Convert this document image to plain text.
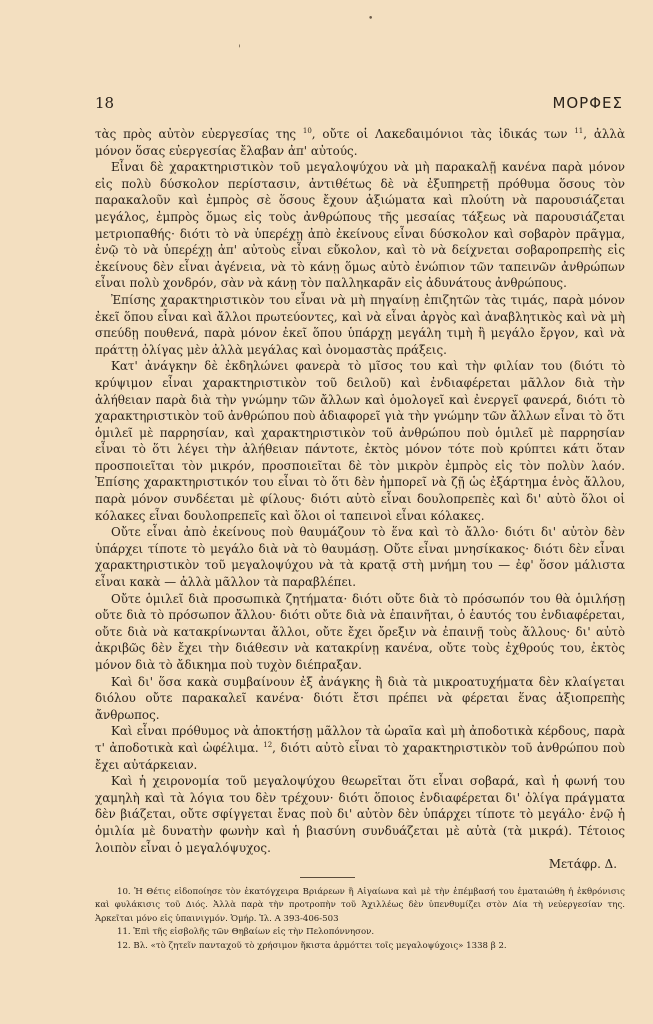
•
'
18	ΜΟΡΦΕΣ

τὰς πρὸς αὐτὸν εὐεργεσίας της $^{10}$, οὔτε οἱ Λακεδαιμόνιοι τὰς ἰδικάς των $^{11}$, ἀλλὰ μόνον ὅσας εὐεργεσίας ἔλαβαν ἀπ' αὐτούς.

Εἶναι δὲ χαρακτηριστικὸν τοῦ μεγαλοψύχου νὰ μὴ παρακαλῇ κανένα παρὰ μόνον εἰς πολὺ δύσκολον περίστασιν, ἀντιθέτως δὲ νὰ ἐξυπηρετῇ πρόθυμα ὅσους τὸν παρακαλοῦν καὶ ἐμπρὸς σὲ ὅσους ἔχουν ἀξιώματα καὶ πλούτη νὰ παρουσιάζεται μεγάλος, ἐμπρὸς ὅμως εἰς τοὺς ἀνθρώπους τῆς μεσαίας τάξεως νὰ παρουσιάζεται μετριοπαθής· διότι τὸ νὰ ὑπερέχῃ ἀπὸ ἐκείνους εἶναι δύσκολον καὶ σοβαρὸν πρᾶγμα, ἐνῷ τὸ νὰ ὑπερέχῃ ἀπ' αὐτοὺς εἶναι εὔκολον, καὶ τὸ νὰ δείχνεται σοβαροπρεπὴς εἰς ἐκείνους δὲν εἶναι ἀγένεια, νὰ τὸ κάνῃ ὅμως αὐτὸ ἐνώπιον τῶν ταπεινῶν ἀνθρώπων εἶναι πολὺ χονδρόν, σὰν νὰ κάνῃ τὸν παλληκαρᾶν εἰς ἀδυνάτους ἀνθρώπους.

Ἐπίσης χαρακτηριστικὸν του εἶναι νὰ μὴ πηγαίνῃ ἐπιζητῶν τὰς τιμάς, παρὰ μόνον ἐκεῖ ὅπου εἶναι καὶ ἄλλοι πρωτεύοντες, καὶ νὰ εἶναι ἀργὸς καὶ ἀναβλητικὸς καὶ νὰ μὴ σπεύδῃ πουθενά, παρὰ μόνον ἐκεῖ ὅπου ὑπάρχῃ μεγάλη τιμὴ ἢ μεγάλο ἔργον, καὶ νὰ πράττῃ ὀλίγας μὲν ἀλλὰ μεγάλας καὶ ὀνομαστὰς πράξεις.

Κατ' ἀνάγκην δὲ ἐκδηλώνει φανερὰ τὸ μῖσος του καὶ τὴν φιλίαν του (διότι τὸ κρύψιμον εἶναι χαρακτηριστικὸν τοῦ δειλοῦ) καὶ ἐνδιαφέρεται μᾶλλον διὰ τὴν ἀλήθειαν παρὰ διὰ τὴν γνώμην τῶν ἄλλων καὶ ὁμολογεῖ καὶ ἐνεργεῖ φανερά, διότι τὸ χαρακτηριστικὸν τοῦ ἀνθρώπου ποὺ ἀδιαφορεῖ γιὰ τὴν γνώμην τῶν ἄλλων εἶναι τὸ ὅτι ὁμιλεῖ μὲ παρρησίαν, καὶ χαρακτηριστικὸν τοῦ ἀνθρώπου ποὺ ὁμιλεῖ μὲ παρρησίαν εἶναι τὸ ὅτι λέγει τὴν ἀλήθειαν πάντοτε, ἐκτὸς μόνον τότε ποὺ κρύπτει κάτι ὅταν προσποιεῖται τὸν μικρόν, προσποιεῖται δὲ τὸν μικρὸν ἐμπρὸς εἰς τὸν πολὺν λαόν. Ἐπίσης χαρακτηριστικόν του εἶναι τὸ ὅτι δὲν ἠμπορεῖ νὰ ζῇ ὡς ἐξάρτημα ἑνὸς ἄλλου, παρὰ μόνον συνδέεται μὲ φίλους· διότι αὐτὸ εἶναι δουλοπρεπὲς καὶ δι' αὐτὸ ὅλοι οἱ κόλακες εἶναι δουλοπρεπεῖς καὶ ὅλοι οἱ ταπεινοὶ εἶναι κόλακες.

Οὔτε εἶναι ἀπὸ ἐκείνους ποὺ θαυμάζουν τὸ ἕνα καὶ τὸ ἄλλο· διότι δι' αὐτὸν δὲν ὑπάρχει τίποτε τὸ μεγάλο διὰ νὰ τὸ θαυμάσῃ. Οὔτε εἶναι μνησίκακος· διότι δὲν εἶναι χαρακτηριστικὸν τοῦ μεγαλοψύχου νὰ τὰ κρατᾷ στὴ μνήμη του — ἐφ' ὅσον μάλιστα εἶναι κακὰ — ἀλλὰ μᾶλλον τὰ παραβλέπει.

Οὔτε ὁμιλεῖ διὰ προσωπικὰ ζητήματα· διότι οὔτε διὰ τὸ πρόσωπόν του θὰ ὁμιλήσῃ οὔτε διὰ τὸ πρόσωπον ἄλλου· διότι οὔτε διὰ νὰ ἐπαινῆται, ὁ ἑαυτός του ἐνδιαφέρεται, οὔτε διὰ νὰ κατακρίνωνται ἄλλοι, οὔτε ἔχει ὄρεξιν νὰ ἐπαινῇ τοὺς ἄλλους· δι' αὐτὸ ἀκριβῶς δὲν ἔχει τὴν διάθεσιν νὰ κατακρίνῃ κανένα, οὔτε τοὺς ἐχθρούς του, ἐκτὸς μόνον διὰ τὸ ἄδικημα ποὺ τυχὸν διέπραξαν.

Καὶ δι' ὅσα κακὰ συμβαίνουν ἐξ ἀνάγκης ἢ διὰ τὰ μικροατυχήματα δὲν κλαίγεται διόλου οὔτε παρακαλεῖ κανένα· διότι ἔτσι πρέπει νὰ φέρεται ἕνας ἀξιοπρεπὴς ἄνθρωπος.

Καὶ εἶναι πρόθυμος νὰ ἀποκτήσῃ μᾶλλον τὰ ὡραῖα καὶ μὴ ἀποδοτικὰ κέρδους, παρὰ τ' ἀποδοτικὰ καὶ ὠφέλιμα. $^{12}$, διότι αὐτὸ εἶναι τὸ χαρακτηριστικὸν τοῦ ἀνθρώπου ποὺ ἔχει αὐτάρκειαν.

Καὶ ἡ χειρονομία τοῦ μεγαλοψύχου θεωρεῖται ὅτι εἶναι σοβαρά, καὶ ἡ φωνή του χαμηλὴ καὶ τὰ λόγια του δὲν τρέχουν· διότι ὅποιος ἐνδιαφέρεται δι' ὀλίγα πράγματα δὲν βιάζεται, οὔτε σφίγγεται ἕνας ποὺ δι' αὐτὸν δὲν ὑπάρχει τίποτε τὸ μεγάλο· ἐνῷ ἡ ὁμιλία μὲ δυνατὴν φωνὴν καὶ ἡ βιασύνη συνδυάζεται μὲ αὐτὰ (τὰ μικρά). Τέτοιος λοιπὸν εἶναι ὁ μεγαλόψυχος.

Μετάφρ. Δ.

10. Ἡ Θέτις εἰδοποίησε τὸν ἑκατόγχειρα Βριάρεων ἢ Αἰγαίωνα καὶ μὲ τὴν ἐπέμβασή του ἐματαιώθη ἡ ἐκθρόνισις καὶ φυλάκισις τοῦ Διός. Ἀλλὰ παρὰ τὴν προτροπὴν τοῦ Ἀχιλλέως δὲν ὑπενθυμίζει στὸν Δία τὴ νεὐεργεσίαν της. Ἀρκεῖται μόνο εἰς ὑπαινιγμόν. Ὁμήρ. Ἰλ. Α 393-406-503

11. Ἐπὶ τῆς εἰσβολῆς τῶν Θηβαίων εἰς τὴν Πελοπόννησον.

12. Βλ. «τὸ ζητεῖν πανταχοῦ τὸ χρήσιμον ἥκιστα ἁρμόττει τοῖς μεγαλοψύχοις» 1338 β 2.
